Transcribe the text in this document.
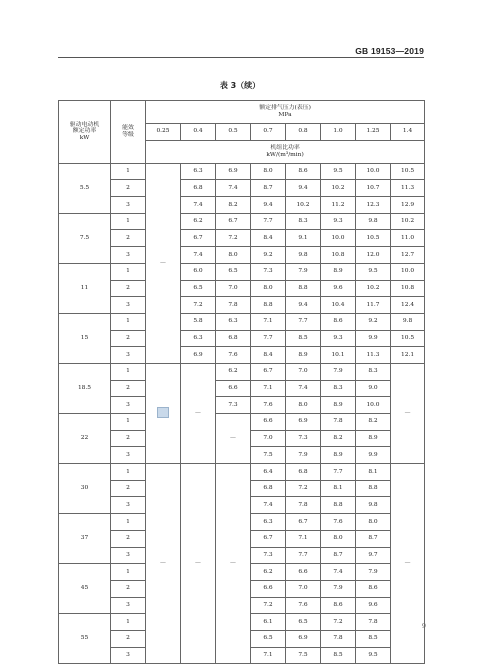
GB 19153—2019
表 3（续）
驱动电动机
额定功率
kW	能效
等级	额定排气压力(表压)
MPa							
		0.25	0.4	0.5	0.7	0.8	1.0	1.25	1.4
		机组比功率
kW/(m³/min)							
5.5	1	—	6.3	6.9	8.0	8.6	9.5	10.0	10.5
	2		6.8	7.4	8.7	9.4	10.2	10.7	11.3
	3		7.4	8.2	9.4	10.2	11.2	12.3	12.9
7.5	1		6.2	6.7	7.7	8.3	9.3	9.8	10.2
	2		6.7	7.2	8.4	9.1	10.0	10.5	11.0
	3		7.4	8.0	9.2	9.8	10.8	12.0	12.7
11	1		6.0	6.5	7.3	7.9	8.9	9.5	10.0
	2		6.5	7.0	8.0	8.8	9.6	10.2	10.8
	3		7.2	7.8	8.8	9.4	10.4	11.7	12.4
15	1		5.8	6.3	7.1	7.7	8.6	9.2	9.8
	2		6.3	6.8	7.7	8.5	9.3	9.9	10.5
	3		6.9	7.6	8.4	8.9	10.1	11.3	12.1
18.5	1		—	6.2	6.7	7.0	7.9	8.3	—
	2			6.6	7.1	7.4	8.3	9.0	
	3			7.3	7.6	8.0	8.9	10.0	
22	1			—	6.6	6.9	7.8	8.2	
	2				7.0	7.3	8.2	8.9	
	3				7.5	7.9	8.9	9.9	
30	1	—	—	—	6.4	6.8	7.7	8.1	—
	2				6.8	7.2	8.1	8.8	
	3				7.4	7.8	8.8	9.8	
37	1				6.3	6.7	7.6	8.0	
	2				6.7	7.1	8.0	8.7	
	3				7.3	7.7	8.7	9.7	
45	1				6.2	6.6	7.4	7.9	
	2				6.6	7.0	7.9	8.6	
	3				7.2	7.6	8.6	9.6	
55	1				6.1	6.5	7.2	7.8	
	2				6.5	6.9	7.8	8.5	
	3				7.1	7.5	8.5	9.5	
9
